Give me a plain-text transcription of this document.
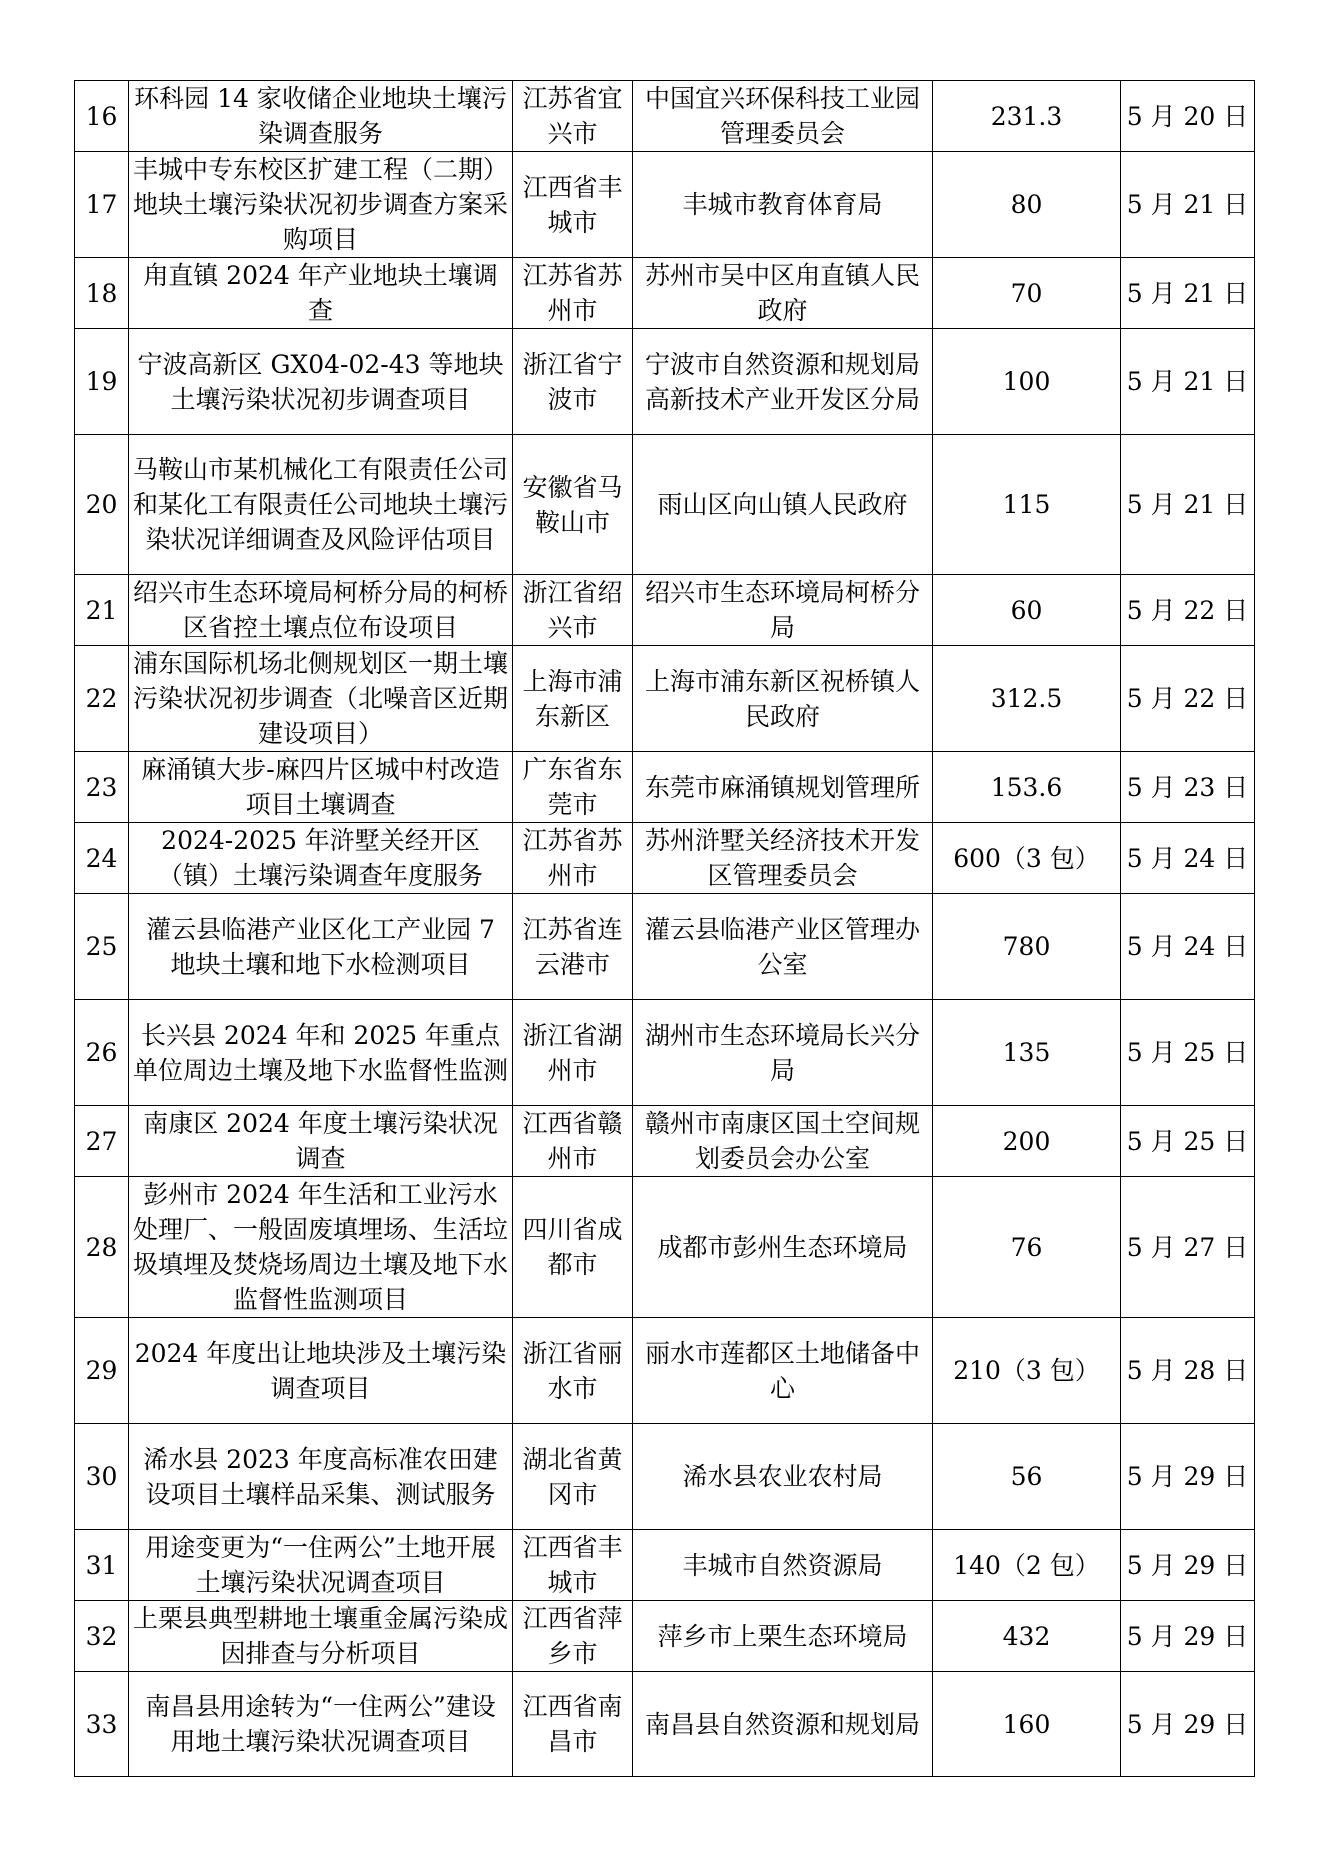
16	环科园 14 家收储企业地块土壤污染调查服务	江苏省宜兴市	中国宜兴环保科技工业园管理委员会	231.3	5 月 20 日
17	丰城中专东校区扩建工程（二期）地块土壤污染状况初步调查方案采购项目	江西省丰城市	丰城市教育体育局	80	5 月 21 日
18	甪直镇 2024 年产业地块土壤调查	江苏省苏州市	苏州市吴中区甪直镇人民政府	70	5 月 21 日
19	宁波高新区 GX04-02-43 等地块土壤污染状况初步调查项目	浙江省宁波市	宁波市自然资源和规划局高新技术产业开发区分局	100	5 月 21 日
20	马鞍山市某机械化工有限责任公司和某化工有限责任公司地块土壤污染状况详细调查及风险评估项目	安徽省马鞍山市	雨山区向山镇人民政府	115	5 月 21 日
21	绍兴市生态环境局柯桥分局的柯桥区省控土壤点位布设项目	浙江省绍兴市	绍兴市生态环境局柯桥分局	60	5 月 22 日
22	浦东国际机场北侧规划区一期土壤污染状况初步调查（北噪音区近期建设项目）	上海市浦东新区	上海市浦东新区祝桥镇人民政府	312.5	5 月 22 日
23	麻涌镇大步-麻四片区城中村改造项目土壤调查	广东省东莞市	东莞市麻涌镇规划管理所	153.6	5 月 23 日
24	2024-2025 年浒墅关经开区（镇）土壤污染调查年度服务	江苏省苏州市	苏州浒墅关经济技术开发区管理委员会	600（3 包）	5 月 24 日
25	灌云县临港产业区化工产业园 7 地块土壤和地下水检测项目	江苏省连云港市	灌云县临港产业区管理办公室	780	5 月 24 日
26	长兴县 2024 年和 2025 年重点单位周边土壤及地下水监督性监测	浙江省湖州市	湖州市生态环境局长兴分局	135	5 月 25 日
27	南康区 2024 年度土壤污染状况调查	江西省赣州市	赣州市南康区国土空间规划委员会办公室	200	5 月 25 日
28	彭州市 2024 年生活和工业污水处理厂、一般固废填埋场、生活垃圾填埋及焚烧场周边土壤及地下水监督性监测项目	四川省成都市	成都市彭州生态环境局	76	5 月 27 日
29	2024 年度出让地块涉及土壤污染调查项目	浙江省丽水市	丽水市莲都区土地储备中心	210（3 包）	5 月 28 日
30	浠水县 2023 年度高标准农田建设项目土壤样品采集、测试服务	湖北省黄冈市	浠水县农业农村局	56	5 月 29 日
31	用途变更为“一住两公”土地开展土壤污染状况调查项目	江西省丰城市	丰城市自然资源局	140（2 包）	5 月 29 日
32	上栗县典型耕地土壤重金属污染成因排查与分析项目	江西省萍乡市	萍乡市上栗生态环境局	432	5 月 29 日
33	南昌县用途转为“一住两公”建设用地土壤污染状况调查项目	江西省南昌市	南昌县自然资源和规划局	160	5 月 29 日
